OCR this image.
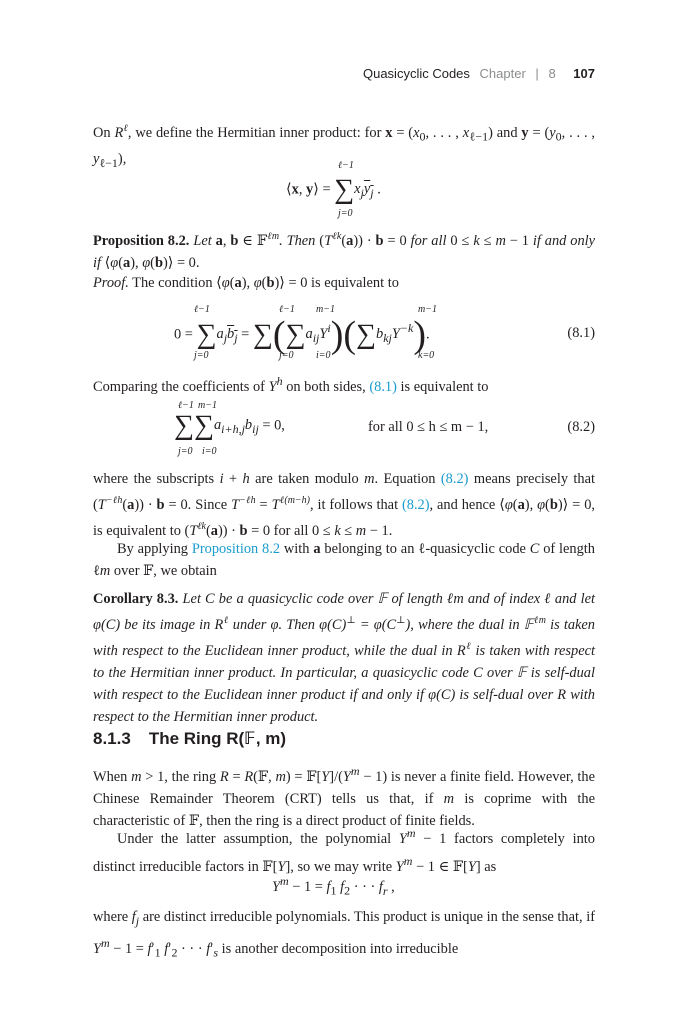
Quasicyclic Codes Chapter | 8 107
On $R^\ell$, we define the Hermitian inner product: for $x = (x_0$, . . . , $x_{\ell-1}$) and $y = (y_0$, . . . , $y_{\ell-1}$),	ℓ−1
⟨x, y⟩ = $\sum x_jy_j$ .
j=0
Proposition 8.2. Let a, b ∈ 𝔽$^{\ell m}$. Then $(T^{\ell k}(a)) \cdot b = 0$ for all 0 ≤ k ≤ m − 1 if and only if ⟨φ(a), φ(b)⟩ = 0.
Proof. The condition ⟨φ(a), φ(b)⟩ = 0 is equivalent to
ℓ−1	ℓ−1 m−1	m−1
$0 = \sum a_jb_j = \sum(\sum a_{ij}Y^i)(\sum b_{kj}Y^{-k})$.
j=0	j=0 i=0	k=0
(8.1)
Comparing the coefficients of $Y^h$ on both sides, (8.1) is equivalent to
ℓ−1 m−1
$\sum\sum a_{i+h,j}b_{ij} = 0$,
j=0 i=0
for all 0 ≤ h ≤ m − 1,	(8.2)
where the subscripts i + h are taken modulo m. Equation (8.2) means precisely that $(T^{-\ell h}(a)) \cdot b = 0$. Since $T^{-\ell h} = T^{\ell(m-h)}$, it follows that (8.2), and hence ⟨φ(a), φ(b)⟩ = 0, is equivalent to $(T^{\ell k}(a)) \cdot b = 0$ for all 0 ≤ k ≤ m − 1.
By applying Proposition 8.2 with a belonging to an ℓ-quasicyclic code C of length ℓm over 𝔽, we obtain
Corollary 8.3. Let C be a quasicyclic code over 𝔽 of length ℓm and of index ℓ and let φ(C) be its image in $R^\ell$ under φ. Then φ(C)⊥ = φ(C⊥), where the dual in 𝔽$^{\ell m}$ is taken with respect to the Euclidean inner product, while the dual in $R^\ell$ is taken with respect to the Hermitian inner product. In particular, a quasicyclic code C over 𝔽 is self-dual with respect to the Euclidean inner product if and only if φ(C) is self-dual over R with respect to the Hermitian inner product.
8.1.3 The Ring R(𝔽, m)
When m > 1, the ring R = R(𝔽, $m) = 𝔽[Y]/(Y^m - 1)$ is never a finite field. However, the Chinese Remainder Theorem (CRT) tells us that, if m is coprime with the characteristic of 𝔽, then the ring is a direct product of finite fields.
Under the latter assumption, the polynomial $Y^m - 1$ factors completely into distinct irreducible factors in 𝔽[Y], so we may write $Y^m - 1$ ∈ 𝔽[Y] as
$Y^m - 1 = f_1$ $f_2$ · · · $f_r$ ,
where $f_j$ are distinct irreducible polynomials. This product is unique in the sense that, if $Y^m - 1 = f'_1$ $f'_2$ · · · $f'_s$ is another decomposition into irreducible
